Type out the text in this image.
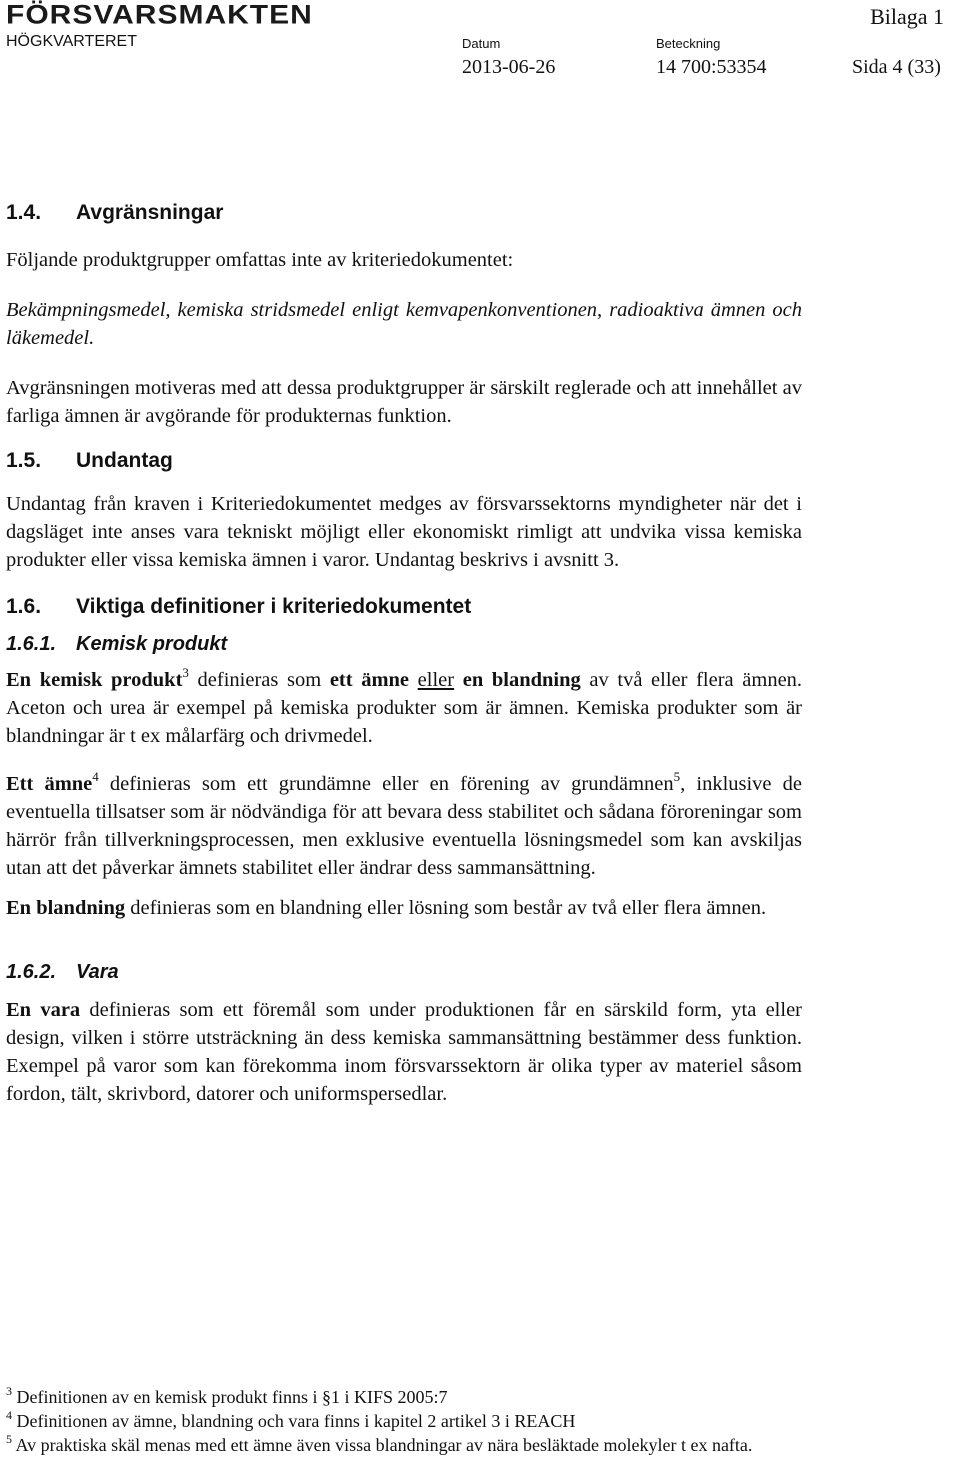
FÖRSVARSMAKTEN
HÖGKVARTERET	Datum
2013-06-26
Beteckning
14 700:53354
Bilaga 1
Sida 4 (33)
1.4. Avgränsningar

Följande produktgrupper omfattas inte av kriteriedokumentet:

Bekämpningsmedel, kemiska stridsmedel enligt kemvapenkonventionen, radioaktiva ämnen och läkemedel.

Avgränsningen motiveras med att dessa produktgrupper är särskilt reglerade och att innehållet av farliga ämnen är avgörande för produkternas funktion.

1.5. Undantag

Undantag från kraven i Kriteriedokumentet medges av försvarssektorns myndigheter när det i dagsläget inte anses vara tekniskt möjligt eller ekonomiskt rimligt att undvika vissa kemiska produkter eller vissa kemiska ämnen i varor. Undantag beskrivs i avsnitt 3.

1.6. Viktiga definitioner i kriteriedokumentet
1.6.1. Kemisk produkt

En kemisk produkt$^3$ definieras som ett ämne eller en blandning av två eller flera ämnen. Aceton och urea är exempel på kemiska produkter som är ämnen. Kemiska produkter som är blandningar är t ex målarfärg och drivmedel.

Ett ämne$^4$ definieras som ett grundämne eller en förening av grundämnen$^5$, inklusive de eventuella tillsatser som är nödvändiga för att bevara dess stabilitet och sådana föroreningar som härrör från tillverkningsprocessen, men exklusive eventuella lösningsmedel som kan avskiljas utan att det påverkar ämnets stabilitet eller ändrar dess sammansättning.

En blandning definieras som en blandning eller lösning som består av två eller flera ämnen.

1.6.2. Vara

En vara definieras som ett föremål som under produktionen får en särskild form, yta eller design, vilken i större utsträckning än dess kemiska sammansättning bestämmer dess funktion. Exempel på varor som kan förekomma inom försvarssektorn är olika typer av materiel såsom fordon, tält, skrivbord, datorer och uniformspersedlar.

$^3$ Definitionen av en kemisk produkt finns i §1 i KIFS 2005:7
$^4$ Definitionen av ämne, blandning och vara finns i kapitel 2 artikel 3 i REACH
$^5$ Av praktiska skäl menas med ett ämne även vissa blandningar av nära besläktade molekyler t ex nafta.
